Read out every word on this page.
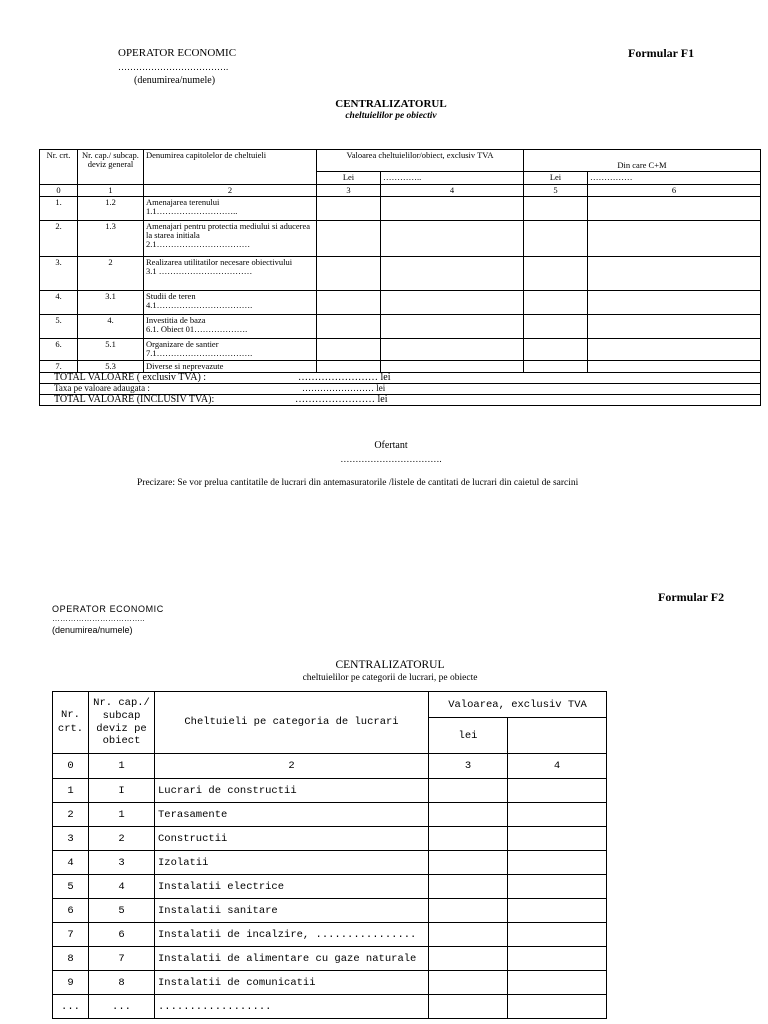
OPERATOR ECONOMIC	Formular F1
……………………………….
(denumirea/numele)
CENTRALIZATORUL
cheltuielilor pe obiectiv
Nr. crt.	Nr. cap./ subcap. deviz general	Denumirea capitolelor de cheltuieli	Valoarea cheltuielilor/obiect, exclusiv TVA		Din care C+M	
			Lei	…………..	Lei	……………
0	1	2	3	4	5	6
1.	1.2	Amenajarea terenului
1.1………………………..				
2.	1.3	Amenajari pentru protectia mediului si aducerea la starea initiala
2.1……………………………				
3.	2	Realizarea utilitatilor necesare obiectivului
3.1 ……………………………				
4.	3.1	Studii de teren
4.1…………………………….				
5.	4.	Investitia de baza
6.1. Obiect 01……………….				
6.	5.1	Organizare de santier
7.1…………………………….				
7.	5.3	Diverse si neprevazute				
TOTAL VALOARE ( exclusiv TVA) : …………………… lei						
Taxa pe valoare adaugata : …………………… lei						
TOTAL VALOARE (INCLUSIV TVA): …………………… lei						
Ofertant
…………………………….
Precizare: Se vor prelua cantitatile de lucrari din antemasuratorile /listele de cantitati de lucrari din caietul de sarcini
Formular F2
OPERATOR ECONOMIC
……………………………..
(denumirea/numele)
CENTRALIZATORUL
cheltuielilor pe categorii de lucrari, pe obiecte
Nr. crt.	Nr. cap./ subcap deviz pe obiect	Cheltuieli pe categoria de lucrari	Valoarea, exclusiv TVA	
			lei	
0	1	2	3	4
1	I	Lucrari de constructii		
2	1	Terasamente		
3	2	Constructii		
4	3	Izolatii		
5	4	Instalatii electrice		
6	5	Instalatii sanitare		
7	6	Instalatii de incalzire, ................		
8	7	Instalatii de alimentare cu gaze naturale		
9	8	Instalatii de comunicatii		
...	...	..................		
